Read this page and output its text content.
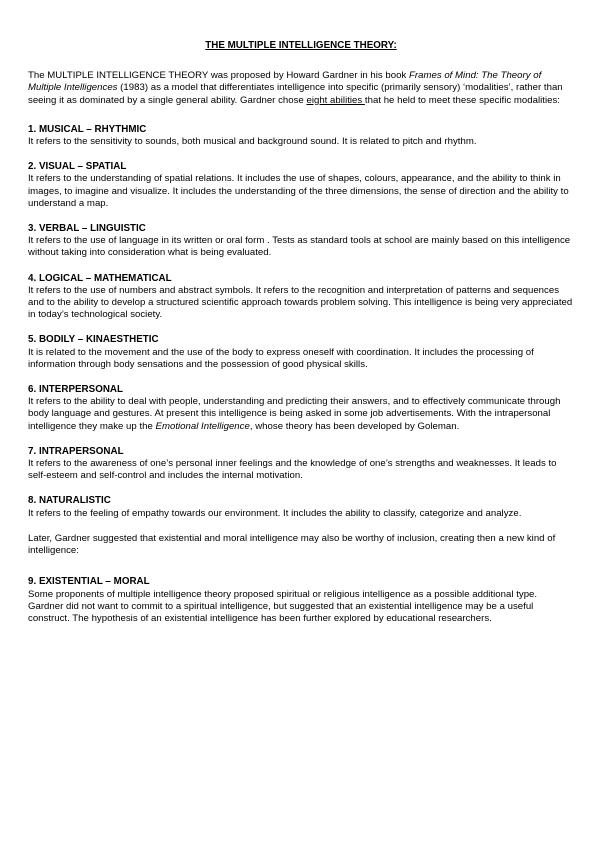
THE MULTIPLE INTELLIGENCE THEORY:
The MULTIPLE INTELLIGENCE THEORY was proposed by Howard Gardner in his book Frames of Mind: The Theory of Multiple Intelligences (1983) as a model that differentiates intelligence into specific (primarily sensory) ‘modalities’, rather than seeing it as dominated by a single general ability. Gardner chose eight abilities that he held to meet these specific modalities:
1. MUSICAL – RHYTHMIC
It refers to the sensitivity to sounds, both musical and background sound. It is related to pitch and rhythm.
2. VISUAL – SPATIAL
It refers to the understanding of spatial relations. It includes the use of shapes, colours, appearance, and the ability to think in images, to imagine and visualize. It includes the understanding of the three dimensions, the sense of direction and the ability to understand a map.
3. VERBAL – LINGUISTIC
It refers to the use of language in its written or oral form . Tests as standard tools at school are mainly based on this intelligence without taking into consideration what is being evaluated.
4. LOGICAL – MATHEMATICAL
It refers to the use of numbers and abstract symbols. It refers to the recognition and interpretation of patterns and sequences and to the ability to develop a structured scientific approach towards problem solving. This intelligence is being very appreciated in today’s technological society.
5. BODILY – KINAESTHETIC
It is related to the movement and the use of the body to express oneself with coordination. It includes the processing of information through body sensations and the possession of good physical skills.
6. INTERPERSONAL
It refers to the ability to deal with people, understanding and predicting their answers, and to effectively communicate through body language and gestures. At present this intelligence is being asked in some job advertisements. With the intrapersonal intelligence they make up the Emotional Intelligence, whose theory has been developed by Goleman.
7. INTRAPERSONAL
It refers to the awareness of one’s personal inner feelings and the knowledge of one’s strengths and weaknesses. It leads to self-esteem and self-control and includes the internal motivation.
8. NATURALISTIC
It refers to the feeling of empathy towards our environment. It includes the ability to classify, categorize and analyze.
Later, Gardner suggested that existential and moral intelligence may also be worthy of inclusion, creating then a new kind of intelligence:
9. EXISTENTIAL – MORAL
Some proponents of multiple intelligence theory proposed spiritual or religious intelligence as a possible additional type. Gardner did not want to commit to a spiritual intelligence, but suggested that an existential intelligence may be a useful construct. The hypothesis of an existential intelligence has been further explored by educational researchers.
